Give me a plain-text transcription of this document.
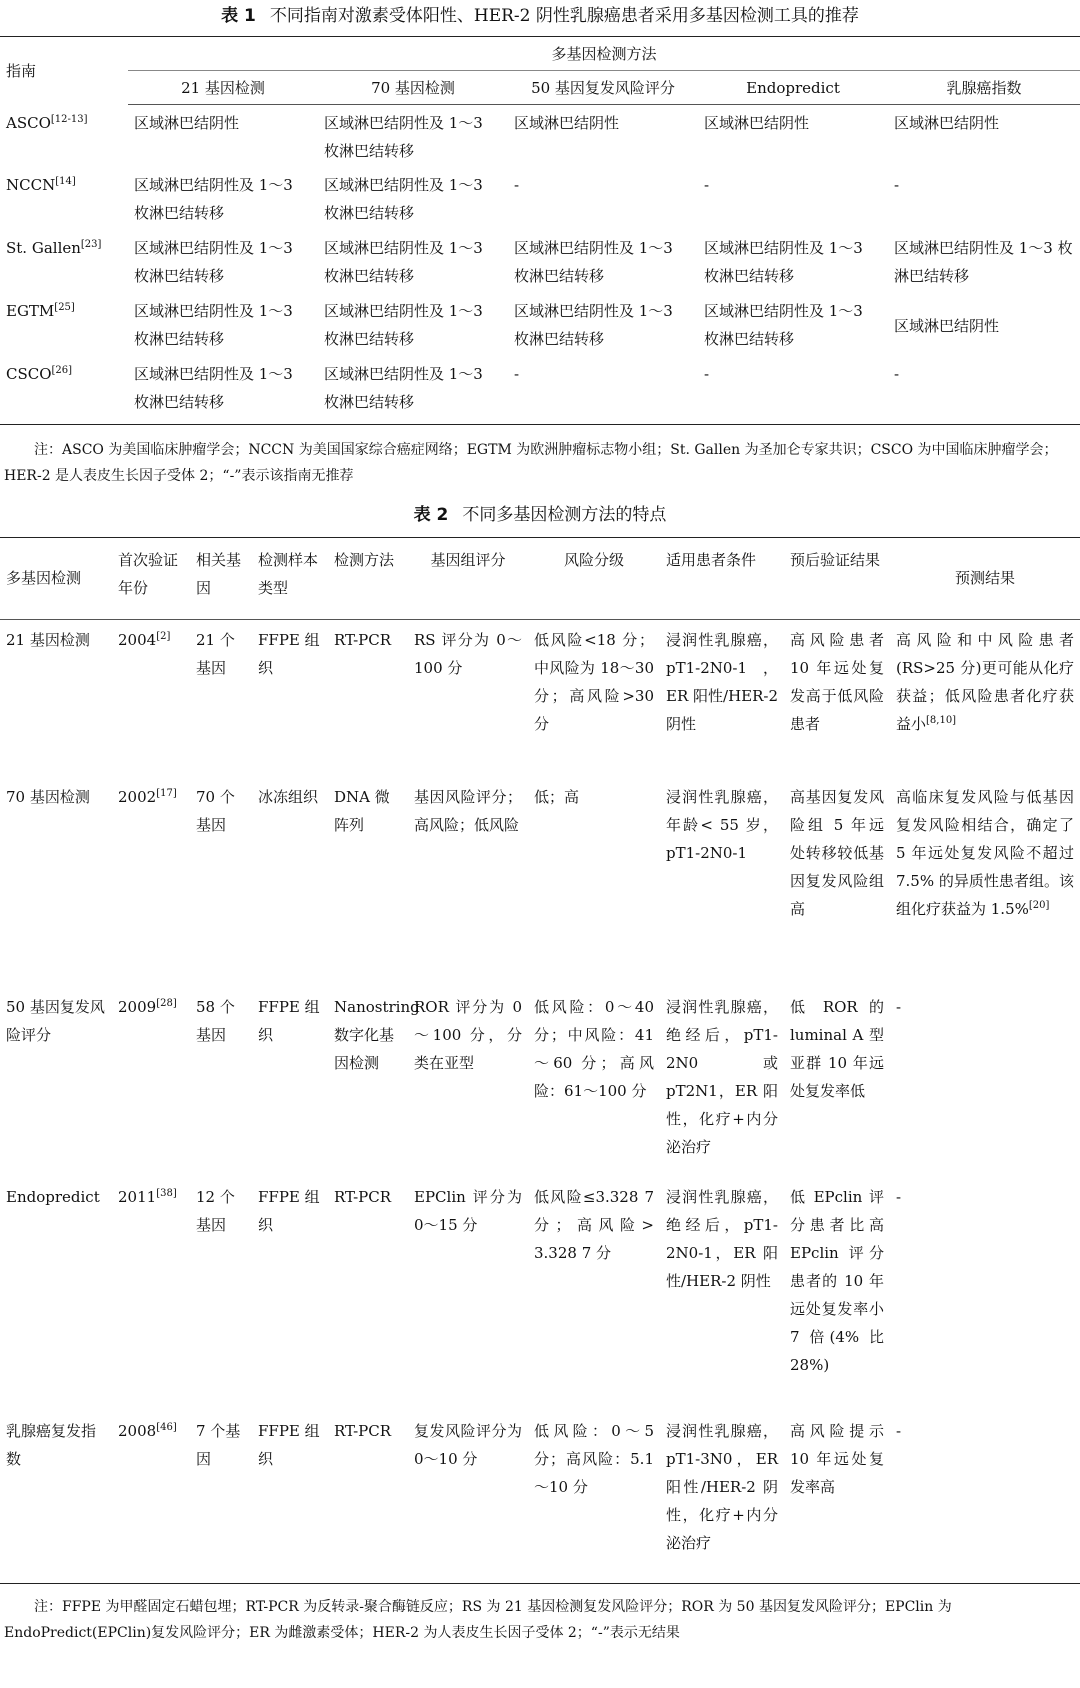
表 1 不同指南对激素受体阳性、HER-2 阴性乳腺癌患者采用多基因检测工具的推荐

指南	多基因检测方法				
	21 基因检测	70 基因检测	50 基因复发风险评分	Endopredict	乳腺癌指数
ASCO[12-13]	区域淋巴结阴性	区域淋巴结阴性及 1～3 枚淋巴结转移	区域淋巴结阴性	区域淋巴结阴性	区域淋巴结阴性
NCCN[14]	区域淋巴结阴性及 1～3 枚淋巴结转移	区域淋巴结阴性及 1～3 枚淋巴结转移	-	-	-
St. Gallen[23]	区域淋巴结阴性及 1～3 枚淋巴结转移	区域淋巴结阴性及 1～3 枚淋巴结转移	区域淋巴结阴性及 1～3 枚淋巴结转移	区域淋巴结阴性及 1～3 枚淋巴结转移	区域淋巴结阴性及 1～3 枚淋巴结转移
EGTM[25]	区域淋巴结阴性及 1～3 枚淋巴结转移	区域淋巴结阴性及 1～3 枚淋巴结转移	区域淋巴结阴性及 1～3 枚淋巴结转移	区域淋巴结阴性及 1～3 枚淋巴结转移	区域淋巴结阴性
CSCO[26]	区域淋巴结阴性及 1～3 枚淋巴结转移	区域淋巴结阴性及 1～3 枚淋巴结转移	-	-	-

注：ASCO 为美国临床肿瘤学会；NCCN 为美国国家综合癌症网络；EGTM 为欧洲肿瘤标志物小组；St. Gallen 为圣加仑专家共识；CSCO 为中国临床肿瘤学会；HER-2 是人表皮生长因子受体 2；“-”表示该指南无推荐

表 2 不同多基因检测方法的特点

多基因检测	首次验证年份	相关基因	检测样本类型	检测方法	基因组评分	风险分级	适用患者条件	预后验证结果	预测结果
21 基因检测	2004[2]	21 个基因	FFPE 组织	RT-PCR	RS 评分为 0～100 分	低风险<18 分；中风险为 18～30 分；高风险>30 分	浸润性乳腺癌，pT1-2N0-1，ER 阳性/HER-2 阴性	高风险患者 10 年远处复发高于低风险患者	高风险和中风险患者(RS>25 分)更可能从化疗获益；低风险患者化疗获益小[8,10]
70 基因检测	2002[17]	70 个基因	冰冻组织	DNA 微阵列	基因风险评分；高风险；低风险	低；高	浸润性乳腺癌，年龄< 55 岁，pT1-2N0-1	高基因复发风险组 5 年远处转移较低基因复发风险组高	高临床复发风险与低基因复发风险相结合，确定了 5 年远处复发风险不超过 7.5% 的异质性患者组。该组化疗获益为 1.5%[20]
50 基因复发风险评分	2009[28]	58 个基因	FFPE 组织	Nanostring 数字化基因检测	ROR 评分为 0～100 分，分类在亚型	低风险：0～40 分；中风险：41～60 分；高风险：61～100 分	浸润性乳腺癌，绝经后，pT1-2N0 或 pT2N1，ER 阳性，化疗+内分泌治疗	低 ROR 的 luminal A 型亚群 10 年远处复发率低	-
Endopredict	2011[38]	12 个基因	FFPE 组织	RT-PCR	EPClin 评分为 0～15 分	低风险≤3.328 7 分；高风险> 3.328 7 分	浸润性乳腺癌，绝经后，pT1-2N0-1，ER 阳性/HER-2 阴性	低 EPclin 评分患者比高 EPclin 评分患者的 10 年远处复发率小 7 倍(4% 比 28%)	-
乳腺癌复发指数	2008[46]	7 个基因	FFPE 组织	RT-PCR	复发风险评分为 0～10 分	低风险：0～5 分；高风险：5.1～10 分	浸润性乳腺癌，pT1-3N0，ER 阳性/HER-2 阴性，化疗+内分泌治疗	高风险提示 10 年远处复发率高	-

注：FFPE 为甲醛固定石蜡包埋；RT-PCR 为反转录-聚合酶链反应；RS 为 21 基因检测复发风险评分；ROR 为 50 基因复发风险评分；EPClin 为 EndoPredict(EPClin)复发风险评分；ER 为雌激素受体；HER-2 为人表皮生长因子受体 2；“-”表示无结果
